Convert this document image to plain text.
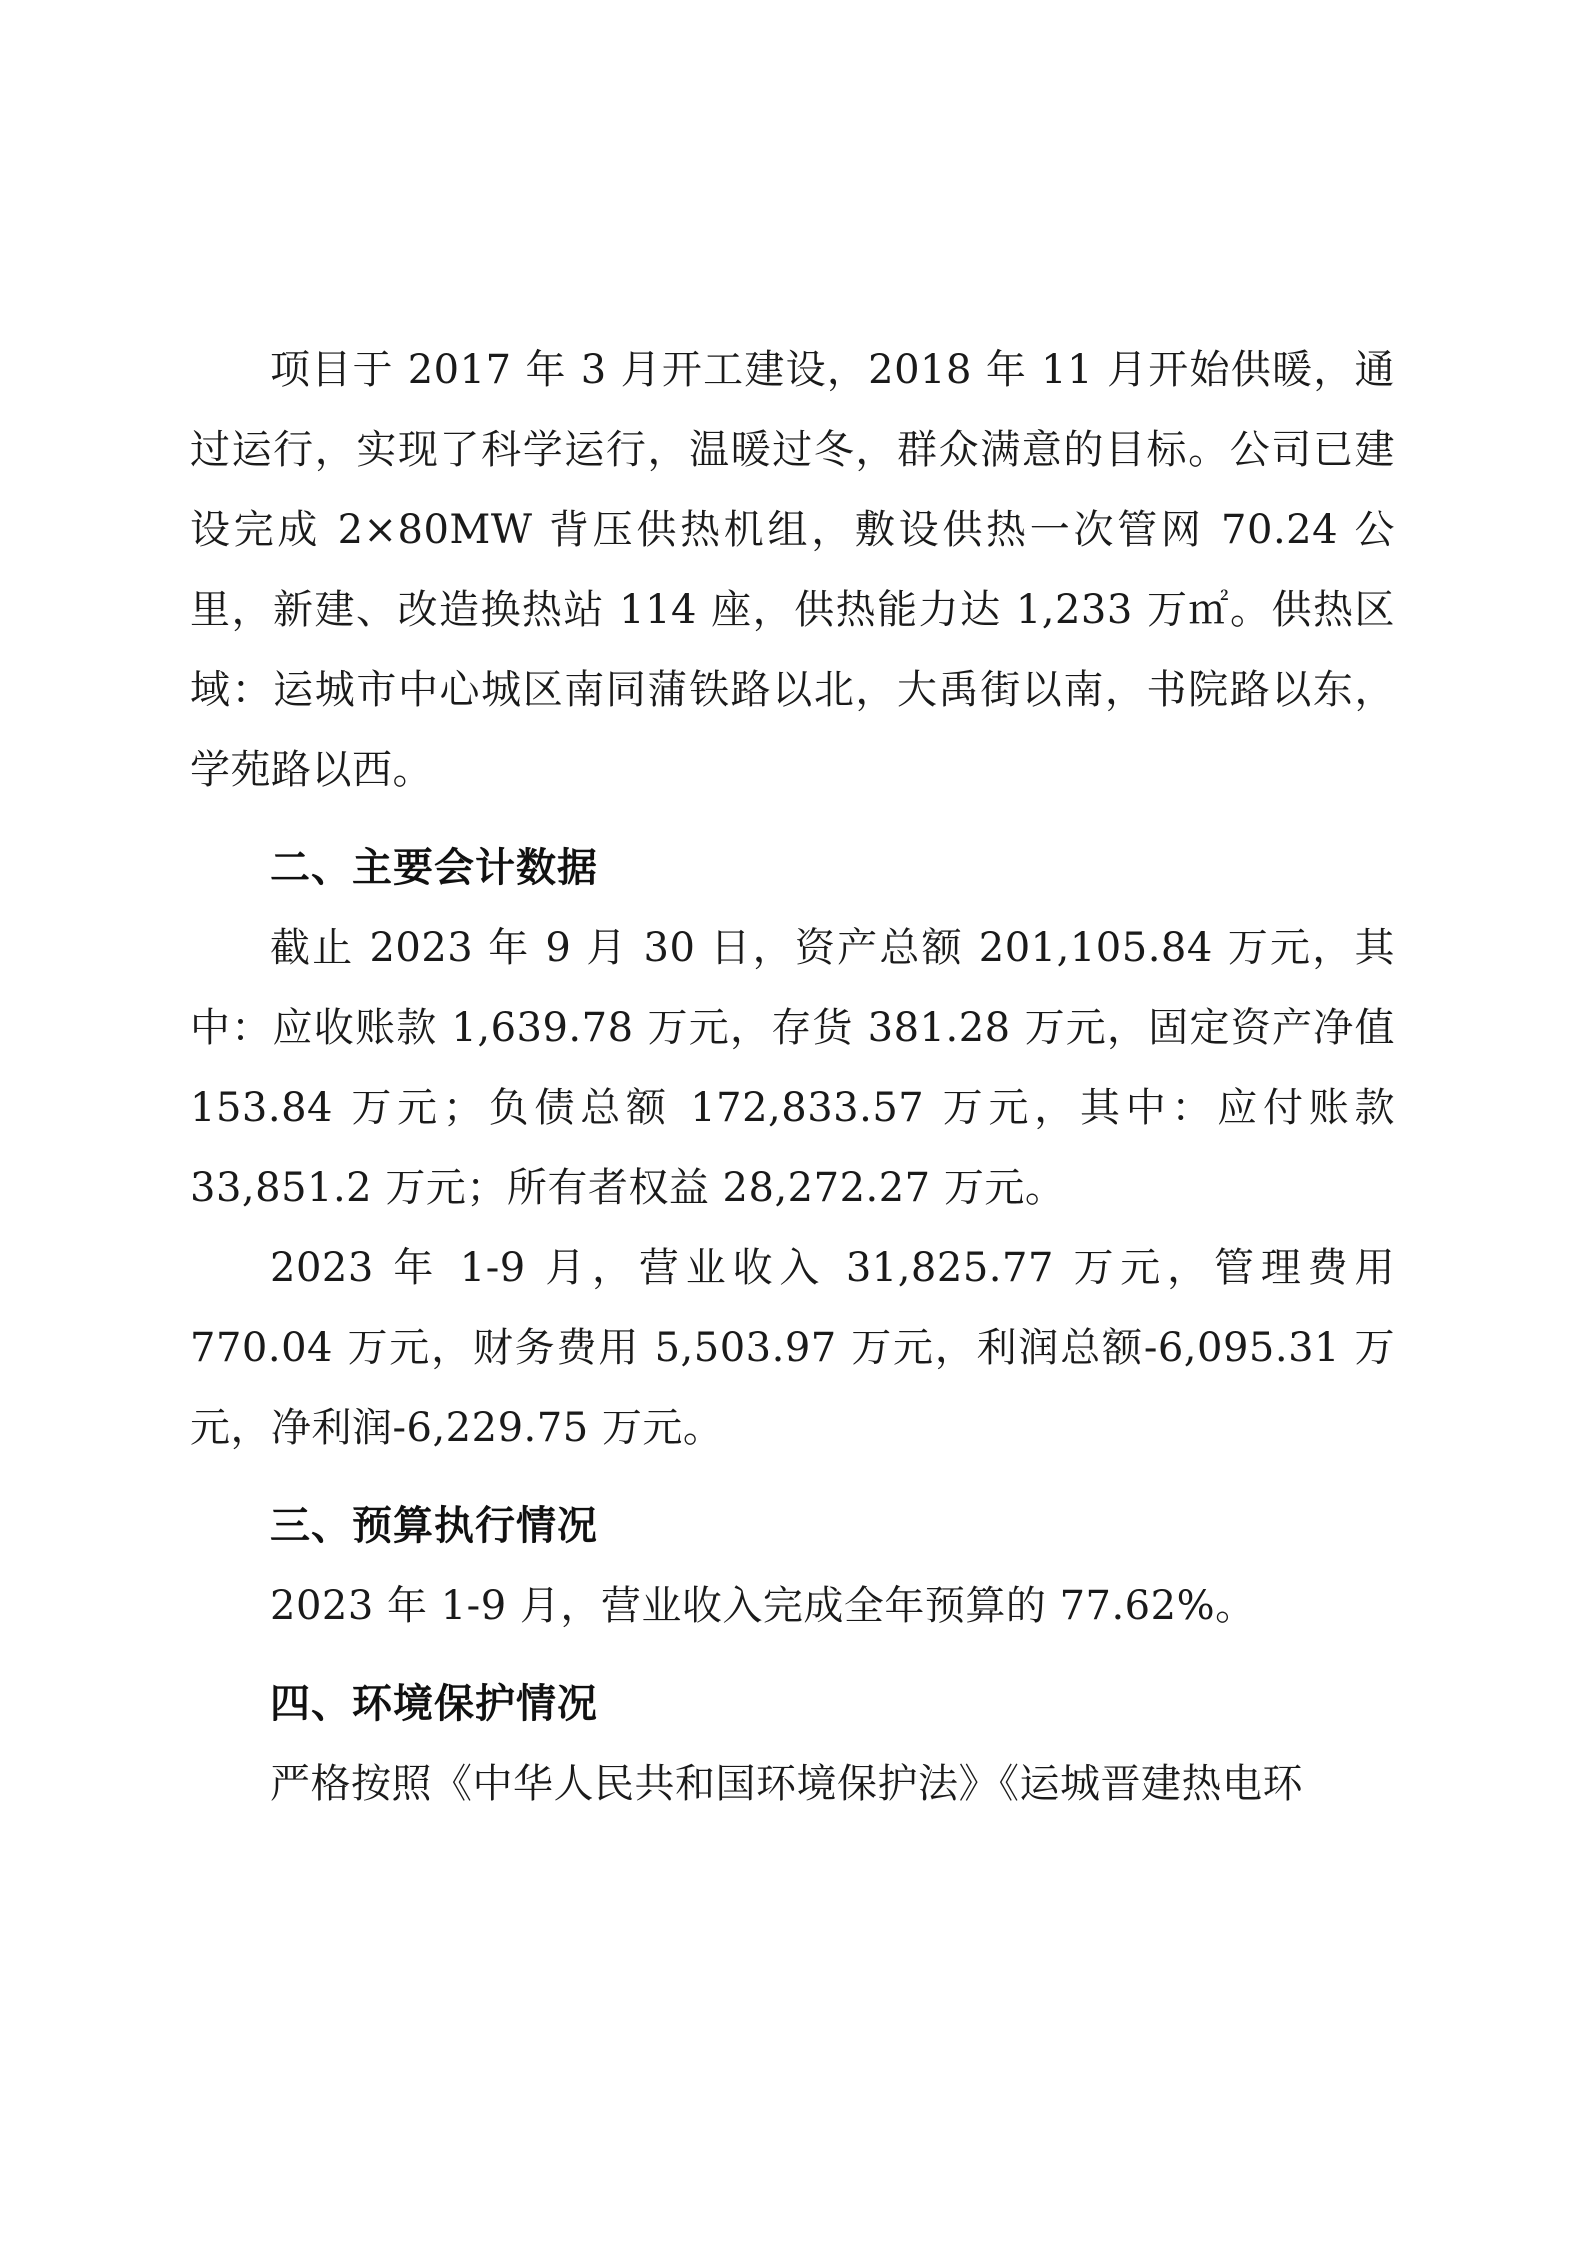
项目于 2017 年 3 月开工建设，2018 年 11 月开始供暖，通过运行，实现了科学运行，温暖过冬，群众满意的目标。公司已建设完成 2×80MW 背压供热机组，敷设供热一次管网 70.24 公里，新建、改造换热站 114 座，供热能力达 1,233 万㎡。供热区域：运城市中心城区南同蒲铁路以北，大禹街以南，书院路以东，学苑路以西。

二、主要会计数据

截止 2023 年 9 月 30 日，资产总额 201,105.84 万元，其中：应收账款 1,639.78 万元，存货 381.28 万元，固定资产净值 153.84 万元；负债总额 172,833.57 万元，其中：应付账款 33,851.2 万元；所有者权益 28,272.27 万元。

2023 年 1-9 月，营业收入 31,825.77 万元，管理费用 770.04 万元，财务费用 5,503.97 万元，利润总额-6,095.31 万元，净利润-6,229.75 万元。

三、预算执行情况

2023 年 1-9 月，营业收入完成全年预算的 77.62%。

四、环境保护情况

严格按照《中华人民共和国环境保护法》《运城晋建热电环
